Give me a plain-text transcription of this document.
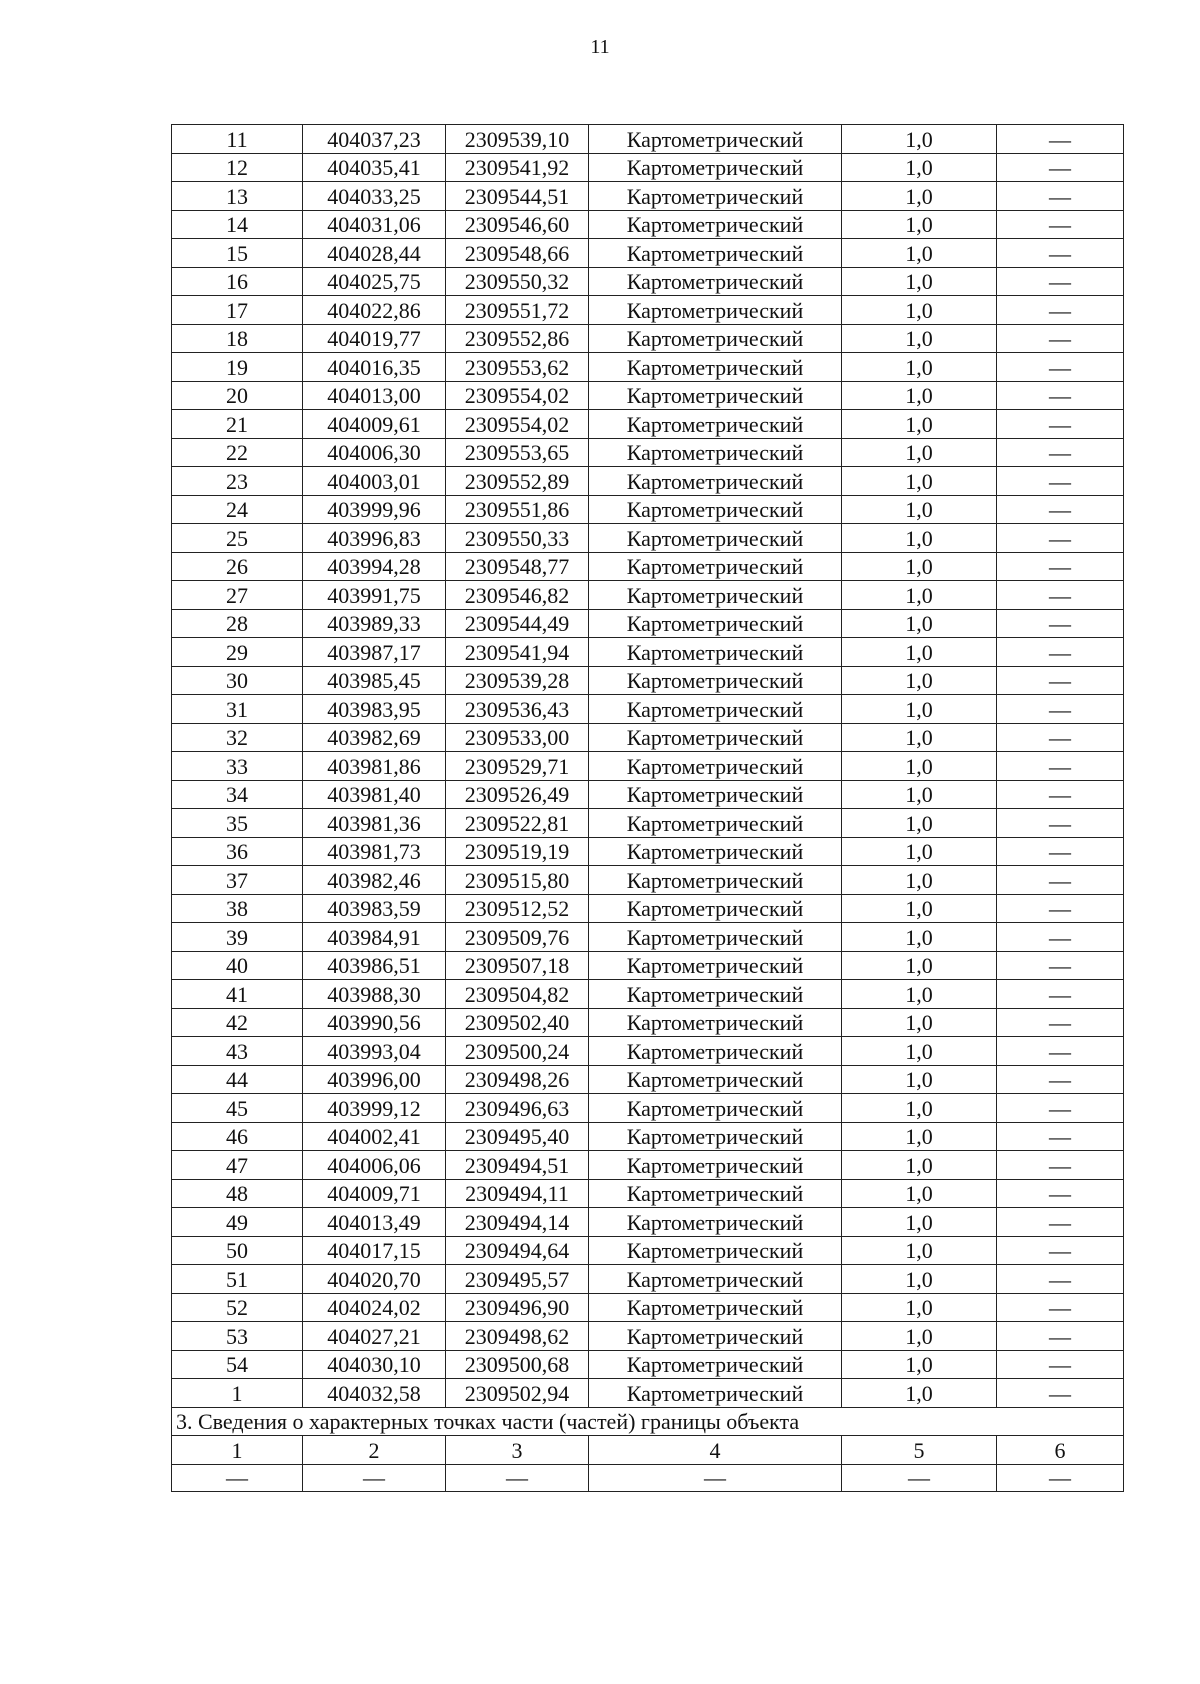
11
11	404037,23	2309539,10	Картометрический	1,0	—
12	404035,41	2309541,92	Картометрический	1,0	—
13	404033,25	2309544,51	Картометрический	1,0	—
14	404031,06	2309546,60	Картометрический	1,0	—
15	404028,44	2309548,66	Картометрический	1,0	—
16	404025,75	2309550,32	Картометрический	1,0	—
17	404022,86	2309551,72	Картометрический	1,0	—
18	404019,77	2309552,86	Картометрический	1,0	—
19	404016,35	2309553,62	Картометрический	1,0	—
20	404013,00	2309554,02	Картометрический	1,0	—
21	404009,61	2309554,02	Картометрический	1,0	—
22	404006,30	2309553,65	Картометрический	1,0	—
23	404003,01	2309552,89	Картометрический	1,0	—
24	403999,96	2309551,86	Картометрический	1,0	—
25	403996,83	2309550,33	Картометрический	1,0	—
26	403994,28	2309548,77	Картометрический	1,0	—
27	403991,75	2309546,82	Картометрический	1,0	—
28	403989,33	2309544,49	Картометрический	1,0	—
29	403987,17	2309541,94	Картометрический	1,0	—
30	403985,45	2309539,28	Картометрический	1,0	—
31	403983,95	2309536,43	Картометрический	1,0	—
32	403982,69	2309533,00	Картометрический	1,0	—
33	403981,86	2309529,71	Картометрический	1,0	—
34	403981,40	2309526,49	Картометрический	1,0	—
35	403981,36	2309522,81	Картометрический	1,0	—
36	403981,73	2309519,19	Картометрический	1,0	—
37	403982,46	2309515,80	Картометрический	1,0	—
38	403983,59	2309512,52	Картометрический	1,0	—
39	403984,91	2309509,76	Картометрический	1,0	—
40	403986,51	2309507,18	Картометрический	1,0	—
41	403988,30	2309504,82	Картометрический	1,0	—
42	403990,56	2309502,40	Картометрический	1,0	—
43	403993,04	2309500,24	Картометрический	1,0	—
44	403996,00	2309498,26	Картометрический	1,0	—
45	403999,12	2309496,63	Картометрический	1,0	—
46	404002,41	2309495,40	Картометрический	1,0	—
47	404006,06	2309494,51	Картометрический	1,0	—
48	404009,71	2309494,11	Картометрический	1,0	—
49	404013,49	2309494,14	Картометрический	1,0	—
50	404017,15	2309494,64	Картометрический	1,0	—
51	404020,70	2309495,57	Картометрический	1,0	—
52	404024,02	2309496,90	Картометрический	1,0	—
53	404027,21	2309498,62	Картометрический	1,0	—
54	404030,10	2309500,68	Картометрический	1,0	—
1	404032,58	2309502,94	Картометрический	1,0	—
3. Сведения о характерных точках части (частей) границы объекта					
1	2	3	4	5	6
—	—	—	—	—	—
